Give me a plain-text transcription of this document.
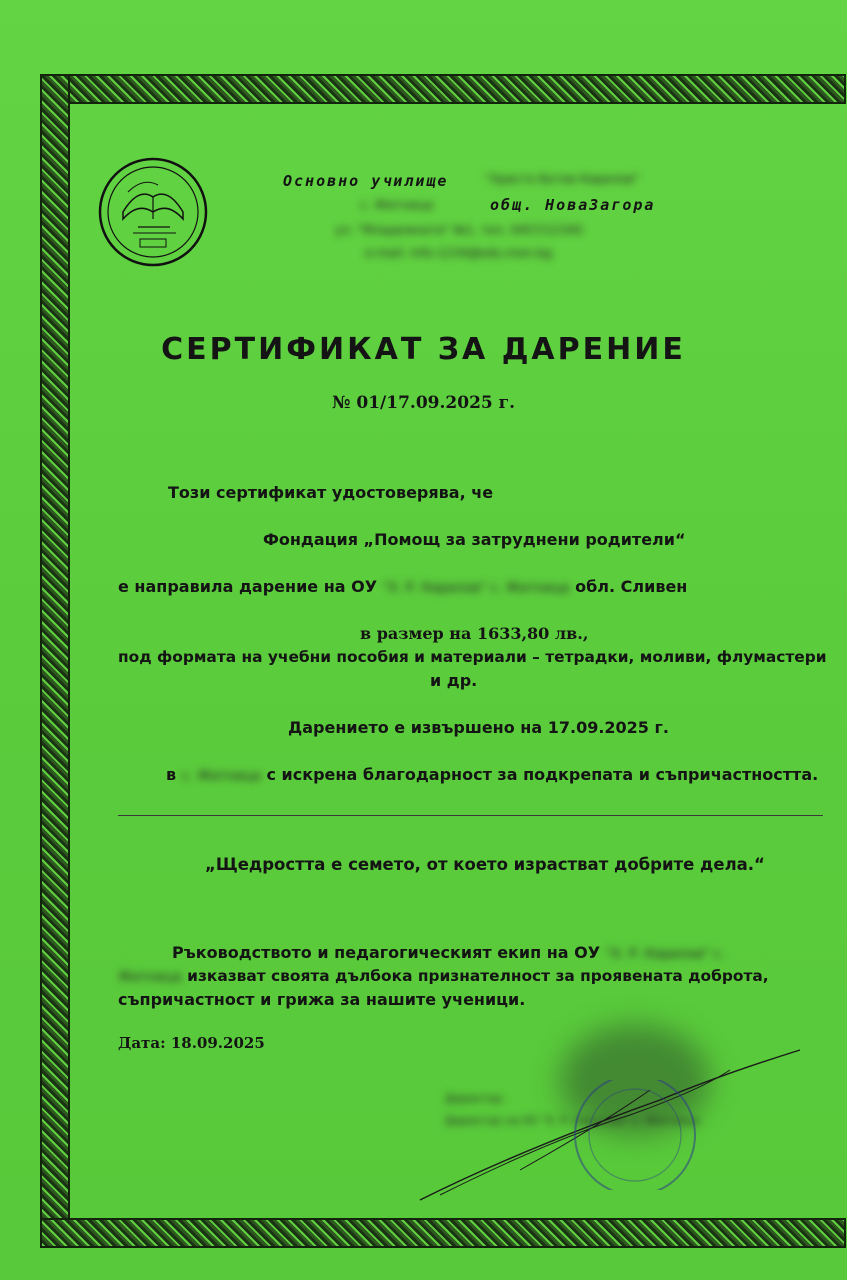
Основно училище	"Христо Ботев Кирилов"
с. Житница	общ. НоваЗагора
ул. "Младежката" №1, тел. 0457/12345
e-mail: info-1234@edu.mon.bg
СЕРТИФИКАТ ЗА ДАРЕНИЕ
№ 01/17.09.2025 г.
Този сертификат удостоверява, че
Фондация „Помощ за затруднени родители“
е направила дарение на ОУ "Х. Р. Кирилов" с. Житница обл. Сливен
в размер на 1633,80 лв.,
под формата на учебни пособия и материали – тетрадки, моливи, флумастери
и др.
Дарението е извършено на 17.09.2025 г.
в с. Житница с искрена благодарност за подкрепата и съпричастността.
„Щедростта е семето, от което израстват добрите дела.“
Ръководството и педагогическият екип на ОУ "Х. Р. Кирилов" с.
Житница изказват своята дълбока признателност за проявената доброта,
съпричастност и грижа за нашите ученици.
Дата: 18.09.2025
Директор:
Директор на ОУ "Х. Р. Кирилов" с. Житница
